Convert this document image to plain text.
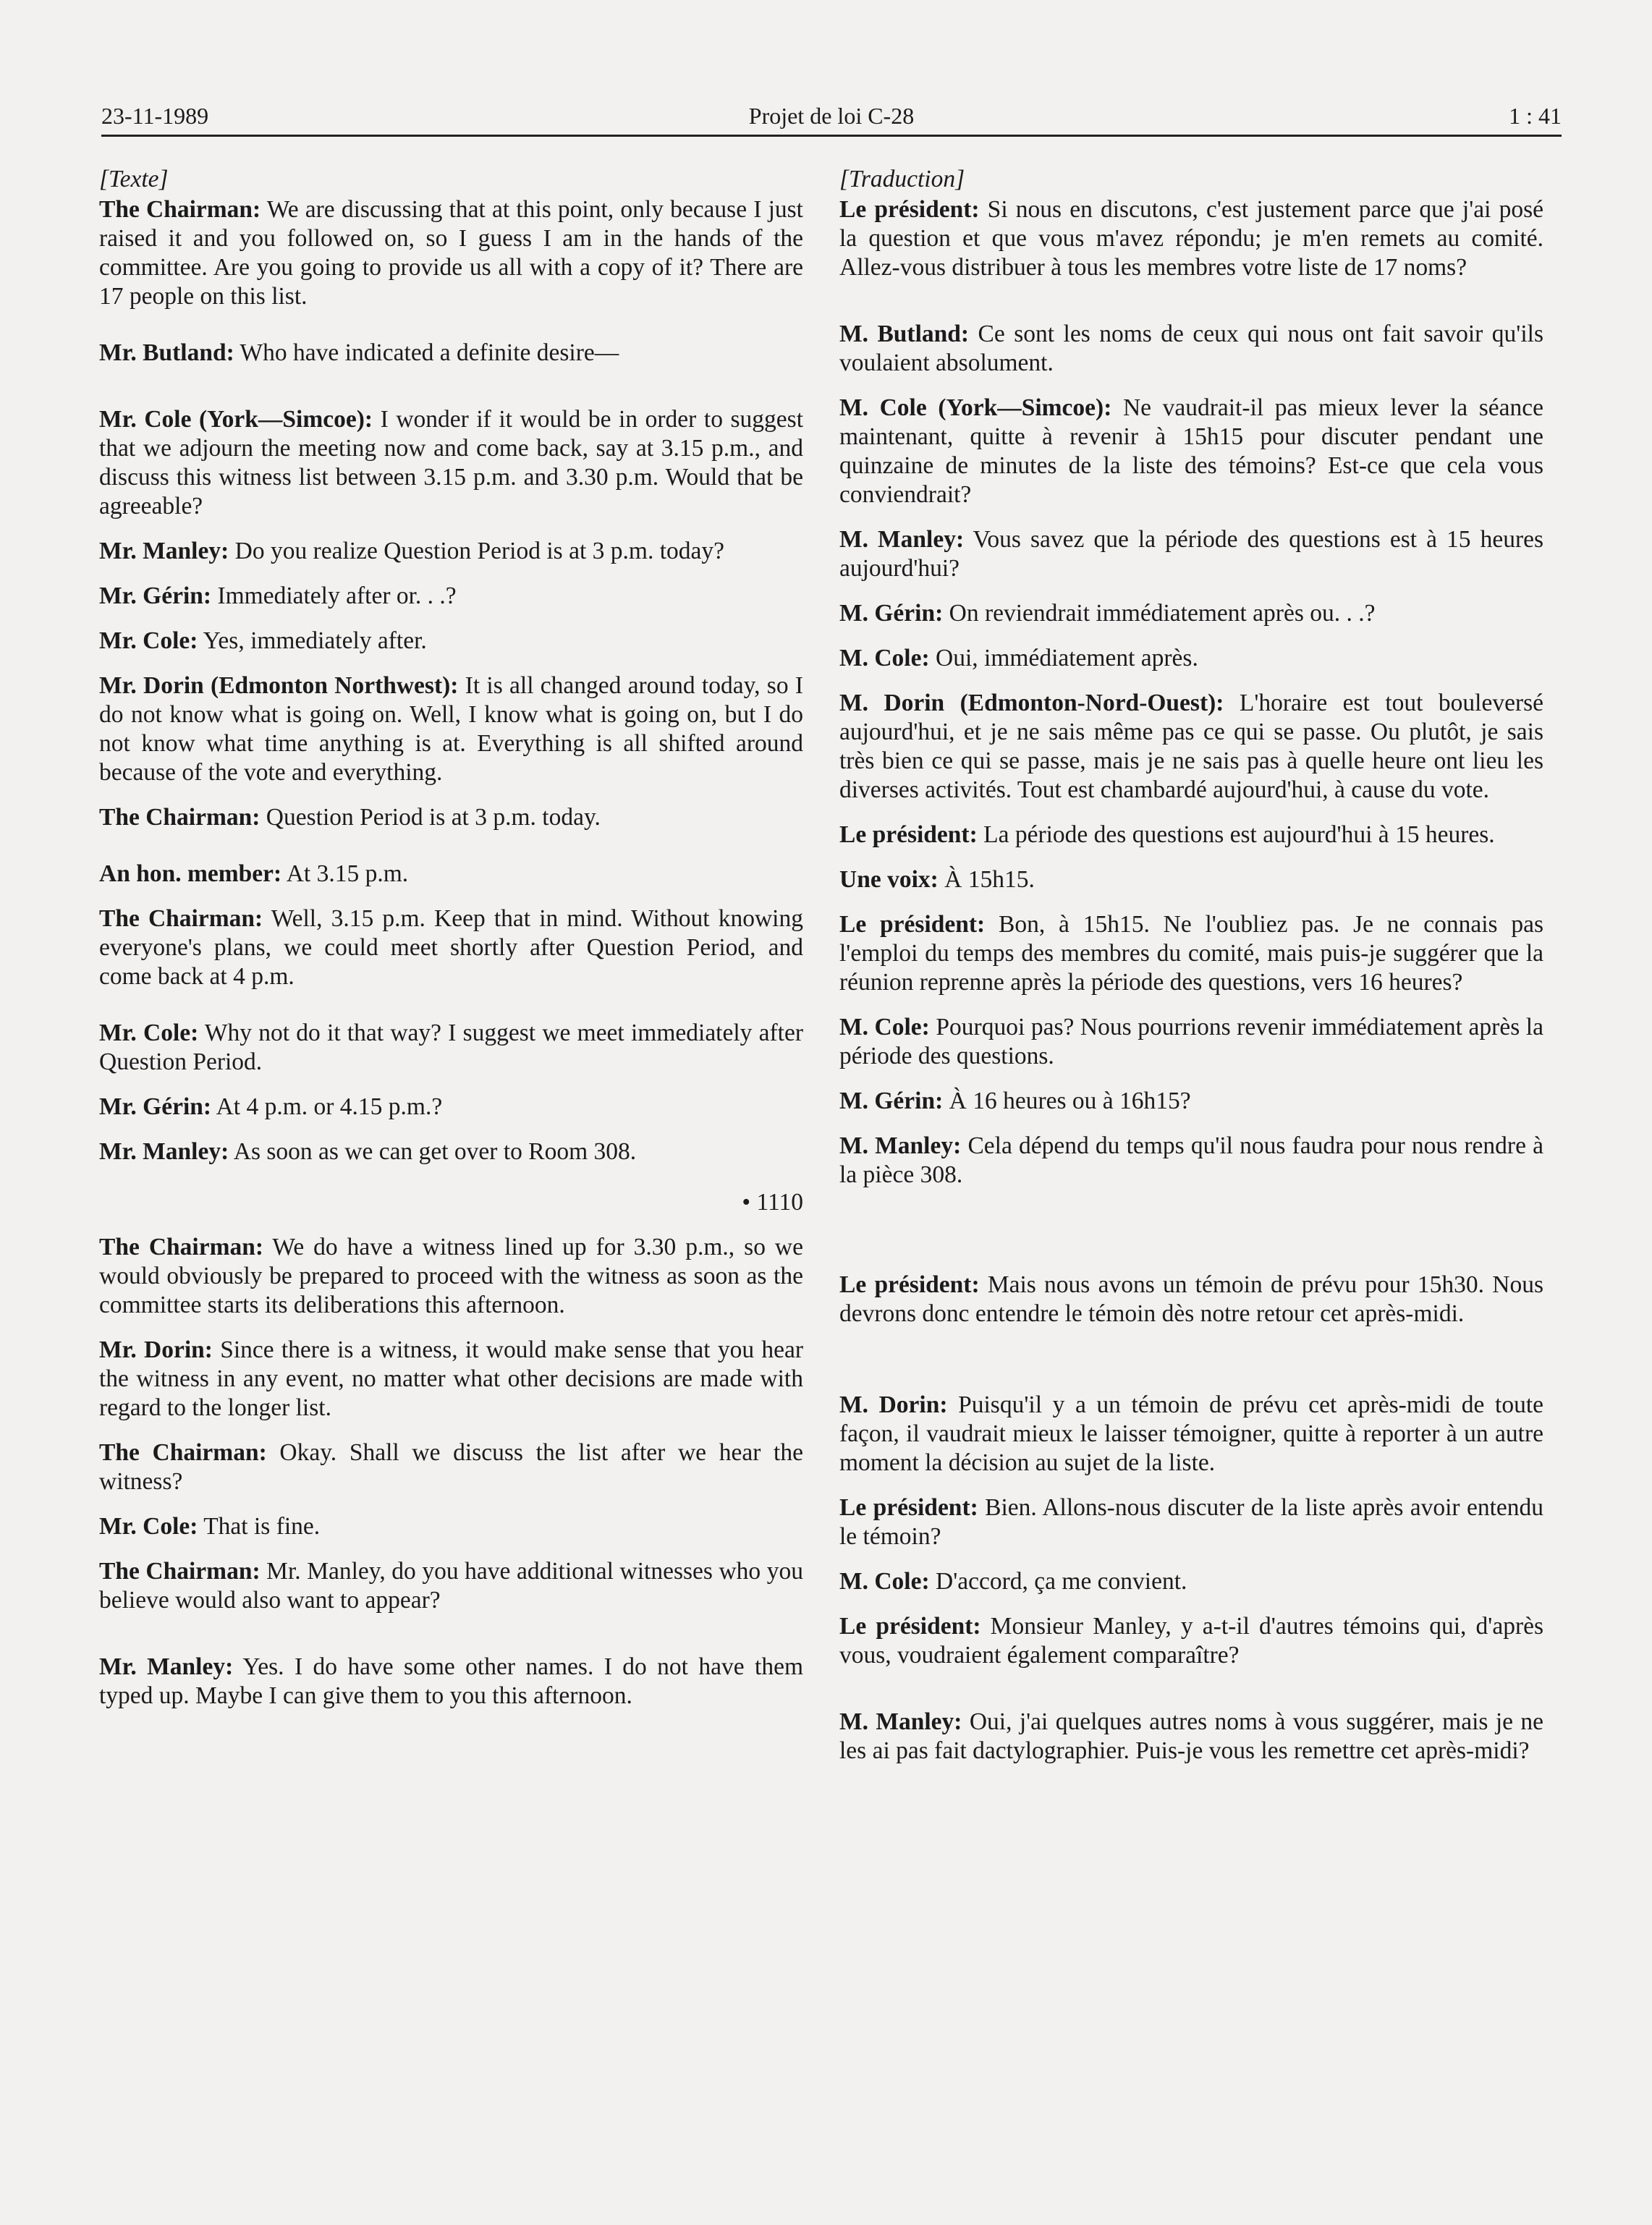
23-11-1989	Projet de loi C-28	1 : 41
[Texte]

The Chairman: We are discussing that at this point, only because I just raised it and you followed on, so I guess I am in the hands of the committee. Are you going to provide us all with a copy of it? There are 17 people on this list.

Mr. Butland: Who have indicated a definite desire—

Mr. Cole (York—Simcoe): I wonder if it would be in order to suggest that we adjourn the meeting now and come back, say at 3.15 p.m., and discuss this witness list between 3.15 p.m. and 3.30 p.m. Would that be agreeable?

Mr. Manley: Do you realize Question Period is at 3 p.m. today?

Mr. Gérin: Immediately after or. . .?

Mr. Cole: Yes, immediately after.

Mr. Dorin (Edmonton Northwest): It is all changed around today, so I do not know what is going on. Well, I know what is going on, but I do not know what time anything is at. Everything is all shifted around because of the vote and everything.

The Chairman: Question Period is at 3 p.m. today.

An hon. member: At 3.15 p.m.

The Chairman: Well, 3.15 p.m. Keep that in mind. Without knowing everyone's plans, we could meet shortly after Question Period, and come back at 4 p.m.

Mr. Cole: Why not do it that way? I suggest we meet immediately after Question Period.

Mr. Gérin: At 4 p.m. or 4.15 p.m.?

Mr. Manley: As soon as we can get over to Room 308.

• 1110

The Chairman: We do have a witness lined up for 3.30 p.m., so we would obviously be prepared to proceed with the witness as soon as the committee starts its deliberations this afternoon.

Mr. Dorin: Since there is a witness, it would make sense that you hear the witness in any event, no matter what other decisions are made with regard to the longer list.

The Chairman: Okay. Shall we discuss the list after we hear the witness?

Mr. Cole: That is fine.

The Chairman: Mr. Manley, do you have additional witnesses who you believe would also want to appear?

Mr. Manley: Yes. I do have some other names. I do not have them typed up. Maybe I can give them to you this afternoon.

[Traduction]

Le président: Si nous en discutons, c'est justement parce que j'ai posé la question et que vous m'avez répondu; je m'en remets au comité. Allez-vous distribuer à tous les membres votre liste de 17 noms?

M. Butland: Ce sont les noms de ceux qui nous ont fait savoir qu'ils voulaient absolument.

M. Cole (York—Simcoe): Ne vaudrait-il pas mieux lever la séance maintenant, quitte à revenir à 15h15 pour discuter pendant une quinzaine de minutes de la liste des témoins? Est-ce que cela vous conviendrait?

M. Manley: Vous savez que la période des questions est à 15 heures aujourd'hui?

M. Gérin: On reviendrait immédiatement après ou. . .?

M. Cole: Oui, immédiatement après.

M. Dorin (Edmonton-Nord-Ouest): L'horaire est tout bouleversé aujourd'hui, et je ne sais même pas ce qui se passe. Ou plutôt, je sais très bien ce qui se passe, mais je ne sais pas à quelle heure ont lieu les diverses activités. Tout est chambardé aujourd'hui, à cause du vote.

Le président: La période des questions est aujourd'hui à 15 heures.

Une voix: À 15h15.

Le président: Bon, à 15h15. Ne l'oubliez pas. Je ne connais pas l'emploi du temps des membres du comité, mais puis-je suggérer que la réunion reprenne après la période des questions, vers 16 heures?

M. Cole: Pourquoi pas? Nous pourrions revenir immédiatement après la période des questions.

M. Gérin: À 16 heures ou à 16h15?

M. Manley: Cela dépend du temps qu'il nous faudra pour nous rendre à la pièce 308.

Le président: Mais nous avons un témoin de prévu pour 15h30. Nous devrons donc entendre le témoin dès notre retour cet après-midi.

M. Dorin: Puisqu'il y a un témoin de prévu cet après-midi de toute façon, il vaudrait mieux le laisser témoigner, quitte à reporter à un autre moment la décision au sujet de la liste.

Le président: Bien. Allons-nous discuter de la liste après avoir entendu le témoin?

M. Cole: D'accord, ça me convient.

Le président: Monsieur Manley, y a-t-il d'autres témoins qui, d'après vous, voudraient également comparaître?

M. Manley: Oui, j'ai quelques autres noms à vous suggérer, mais je ne les ai pas fait dactylographier. Puis-je vous les remettre cet après-midi?
